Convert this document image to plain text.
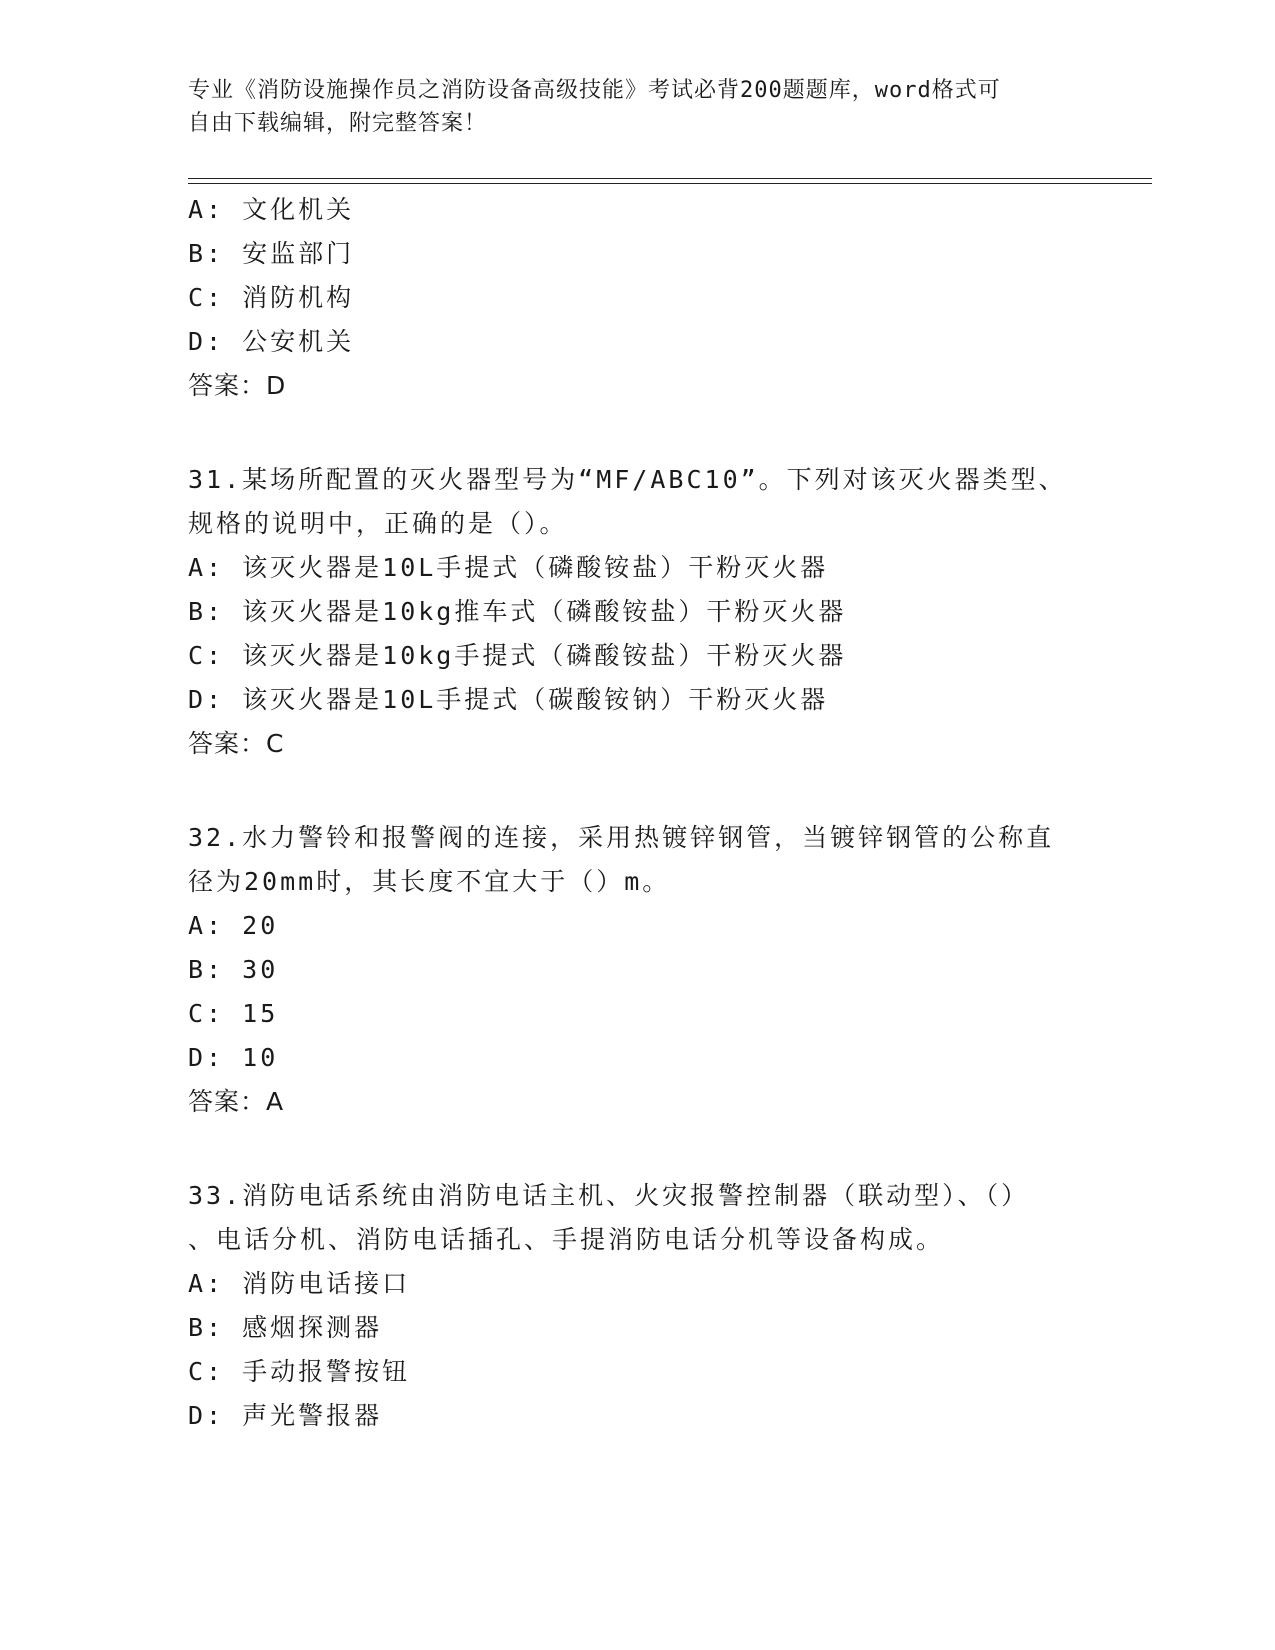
专业《消防设施操作员之消防设备高级技能》考试必背200题题库，word格式可
自由下载编辑，附完整答案！
A: 文化机关
B: 安监部门
C: 消防机构
D: 公安机关
答案：D
31.某场所配置的灭火器型号为“MF/ABC10”。下列对该灭火器类型、
规格的说明中，正确的是（）。
A: 该灭火器是10L手提式（磷酸铵盐）干粉灭火器
B: 该灭火器是10kg推车式（磷酸铵盐）干粉灭火器
C: 该灭火器是10kg手提式（磷酸铵盐）干粉灭火器
D: 该灭火器是10L手提式（碳酸铵钠）干粉灭火器
答案：C
32.水力警铃和报警阀的连接，采用热镀锌钢管，当镀锌钢管的公称直
径为20mm时，其长度不宜大于（）m。
A: 20
B: 30
C: 15
D: 10
答案：A
33.消防电话系统由消防电话主机、火灾报警控制器（联动型）、（）
、电话分机、消防电话插孔、手提消防电话分机等设备构成。
A: 消防电话接口
B: 感烟探测器
C: 手动报警按钮
D: 声光警报器
